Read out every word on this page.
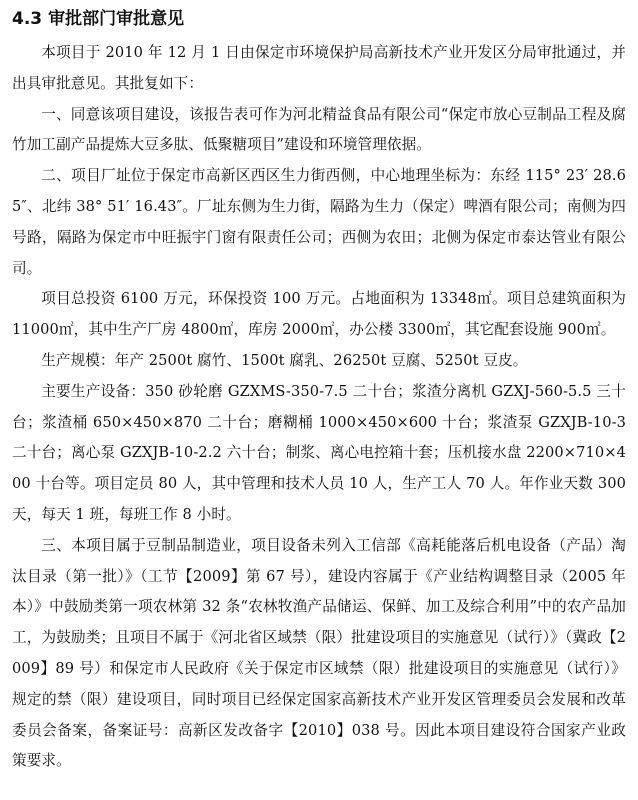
4.3 审批部门审批意见

本项目于 2010 年 12 月 1 日由保定市环境保护局高新技术产业开发区分局审批通过，并出具审批意见。其批复如下：

一、同意该项目建设，该报告表可作为河北精益食品有限公司“保定市放心豆制品工程及腐竹加工副产品提炼大豆多肽、低聚糖项目”建设和环境管理依据。

二、项目厂址位于保定市高新区西区生力街西侧，中心地理坐标为：东经 115° 23′ 28.65″、北纬 38° 51′ 16.43″。厂址东侧为生力街，隔路为生力（保定）啤酒有限公司；南侧为四号路，隔路为保定市中旺振宇门窗有限责任公司；西侧为农田；北侧为保定市泰达管业有限公司。

项目总投资 6100 万元，环保投资 100 万元。占地面积为 13348㎡。项目总建筑面积为 11000㎡，其中生产厂房 4800㎡，库房 2000㎡，办公楼 3300㎡，其它配套设施 900㎡。

生产规模：年产 2500t 腐竹、1500t 腐乳、26250t 豆腐、5250t 豆皮。

主要生产设备：350 砂轮磨 GZXMS-350-7.5 二十台；浆渣分离机 GZXJ-560-5.5 三十台；浆渣桶 650×450×870 二十台；磨糊桶 1000×450×600 十台；浆渣泵 GZXJB-10-3 二十台；离心泵 GZXJB-10-2.2 六十台；制浆、离心电控箱十套；压机接水盘 2200×710×400 十台等。项目定员 80 人，其中管理和技术人员 10 人，生产工人 70 人。年作业天数 300 天，每天 1 班，每班工作 8 小时。

三、本项目属于豆制品制造业，项目设备未列入工信部《高耗能落后机电设备（产品）淘汰目录（第一批）》（工节【2009】第 67 号），建设内容属于《产业结构调整目录（2005 年本）》中鼓励类第一项农林第 32 条“农林牧渔产品储运、保鲜、加工及综合利用”中的农产品加工，为鼓励类；且项目不属于《河北省区域禁（限）批建设项目的实施意见（试行）》（冀政【2009】89 号）和保定市人民政府《关于保定市区域禁（限）批建设项目的实施意见（试行）》规定的禁（限）建设项目，同时项目已经保定国家高新技术产业开发区管理委员会发展和改革委员会备案，备案证号：高新区发改备字【2010】038 号。因此本项目建设符合国家产业政策要求。
